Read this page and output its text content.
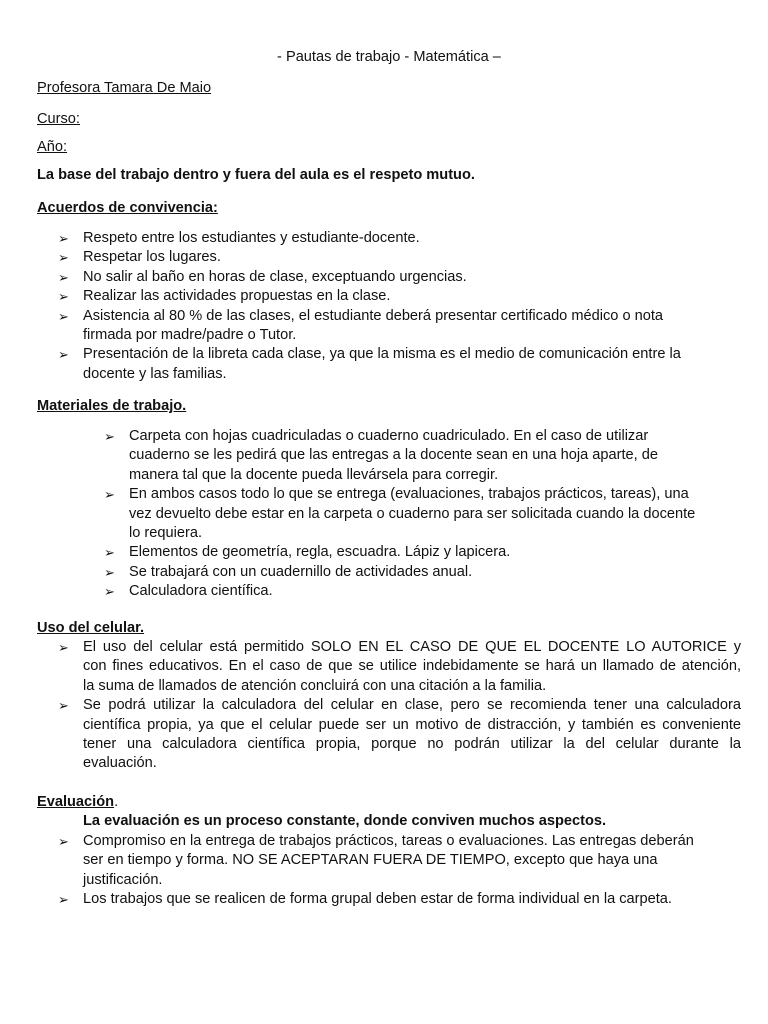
- Pautas de trabajo - Matemática –
Profesora Tamara De Maio
Curso:
Año:
La base del trabajo dentro y fuera del aula es el respeto mutuo.
Acuerdos de convivencia:
➢ Respeto entre los estudiantes y estudiante-docente.
➢ Respetar los lugares.
➢ No salir al baño en horas de clase, exceptuando urgencias.
➢ Realizar las actividades propuestas en la clase.
➢ Asistencia al 80 % de las clases, el estudiante deberá presentar certificado médico o nota
firmada por madre/padre o Tutor.
➢ Presentación de la libreta cada clase, ya que la misma es el medio de comunicación entre la
docente y las familias.
Materiales de trabajo.
➢ Carpeta con hojas cuadriculadas o cuaderno cuadriculado. En el caso de utilizar
cuaderno se les pedirá que las entregas a la docente sean en una hoja aparte, de
manera tal que la docente pueda llevársela para corregir.
➢ En ambos casos todo lo que se entrega (evaluaciones, trabajos prácticos, tareas), una
vez devuelto debe estar en la carpeta o cuaderno para ser solicitada cuando la docente
lo requiera.
➢ Elementos de geometría, regla, escuadra. Lápiz y lapicera.
➢ Se trabajará con un cuadernillo de actividades anual.
➢ Calculadora científica.
Uso del celular.
➢ El uso del celular está permitido SOLO EN EL CASO DE QUE EL DOCENTE LO AUTORICE y
con fines educativos. En el caso de que se utilice indebidamente se hará un llamado de atención,
la suma de llamados de atención concluirá con una citación a la familia.
➢ Se podrá utilizar la calculadora del celular en clase, pero se recomienda tener una calculadora
científica propia, ya que el celular puede ser un motivo de distracción, y también es conveniente
tener una calculadora científica propia, porque no podrán utilizar la del celular durante la
evaluación.
Evaluación.
La evaluación es un proceso constante, donde conviven muchos aspectos.
➢ Compromiso en la entrega de trabajos prácticos, tareas o evaluaciones. Las entregas deberán
ser en tiempo y forma. NO SE ACEPTARAN FUERA DE TIEMPO, excepto que haya una
justificación.
➢ Los trabajos que se realicen de forma grupal deben estar de forma individual en la carpeta.
